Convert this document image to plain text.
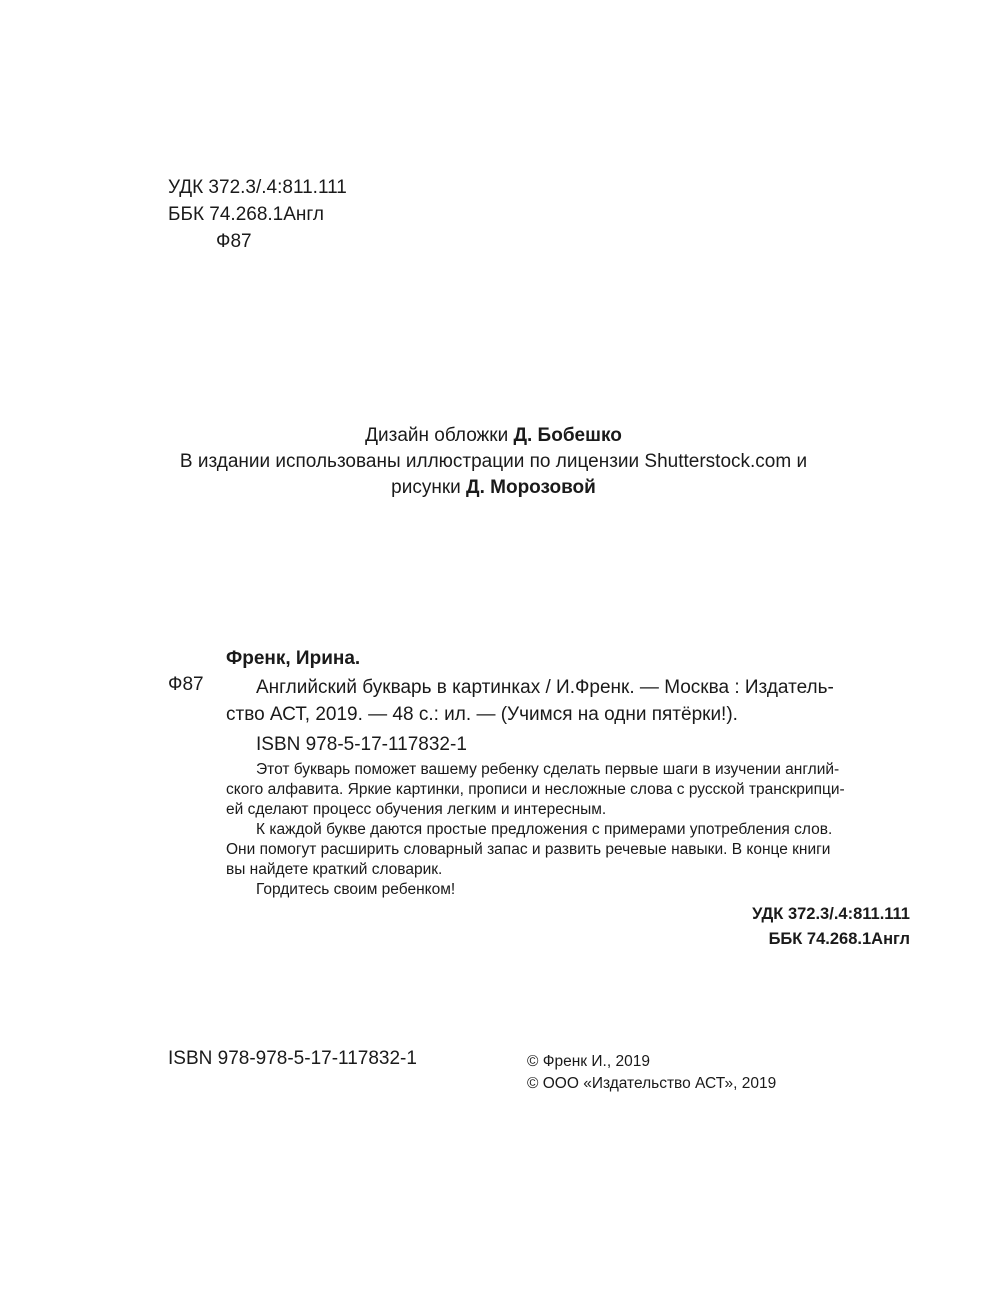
УДК 372.3/.4:811.111
ББК 74.268.1Англ
Ф87
Дизайн обложки Д. Бобешко
В издании использованы иллюстрации по лицензии Shutterstock.com и
рисунки Д. Морозовой
Френк, Ирина.
Ф87	Английский букварь в картинках / И.Френк. — Москва : Издатель-

ство АСТ, 2019. — 48 с.: ил. — (Учимся на одни пятёрки!).

ISBN 978-5-17-117832-1

Этот букварь поможет вашему ребенку сделать первые шаги в изучении англий-

ского алфавита. Яркие картинки, прописи и несложные слова с русской транскрипци-

ей сделают процесс обучения легким и интересным.

К каждой букве даются простые предложения с примерами употребления слов.

Они помогут расширить словарный запас и развить речевые навыки. В конце книги

вы найдете краткий словарик.

Гордитесь своим ребенком!

УДК 372.3/.4:811.111
ББК 74.268.1Англ
ISBN 978-978-5-17-117832-1	© Френк И., 2019
© ООО «Издательство АСТ», 2019
